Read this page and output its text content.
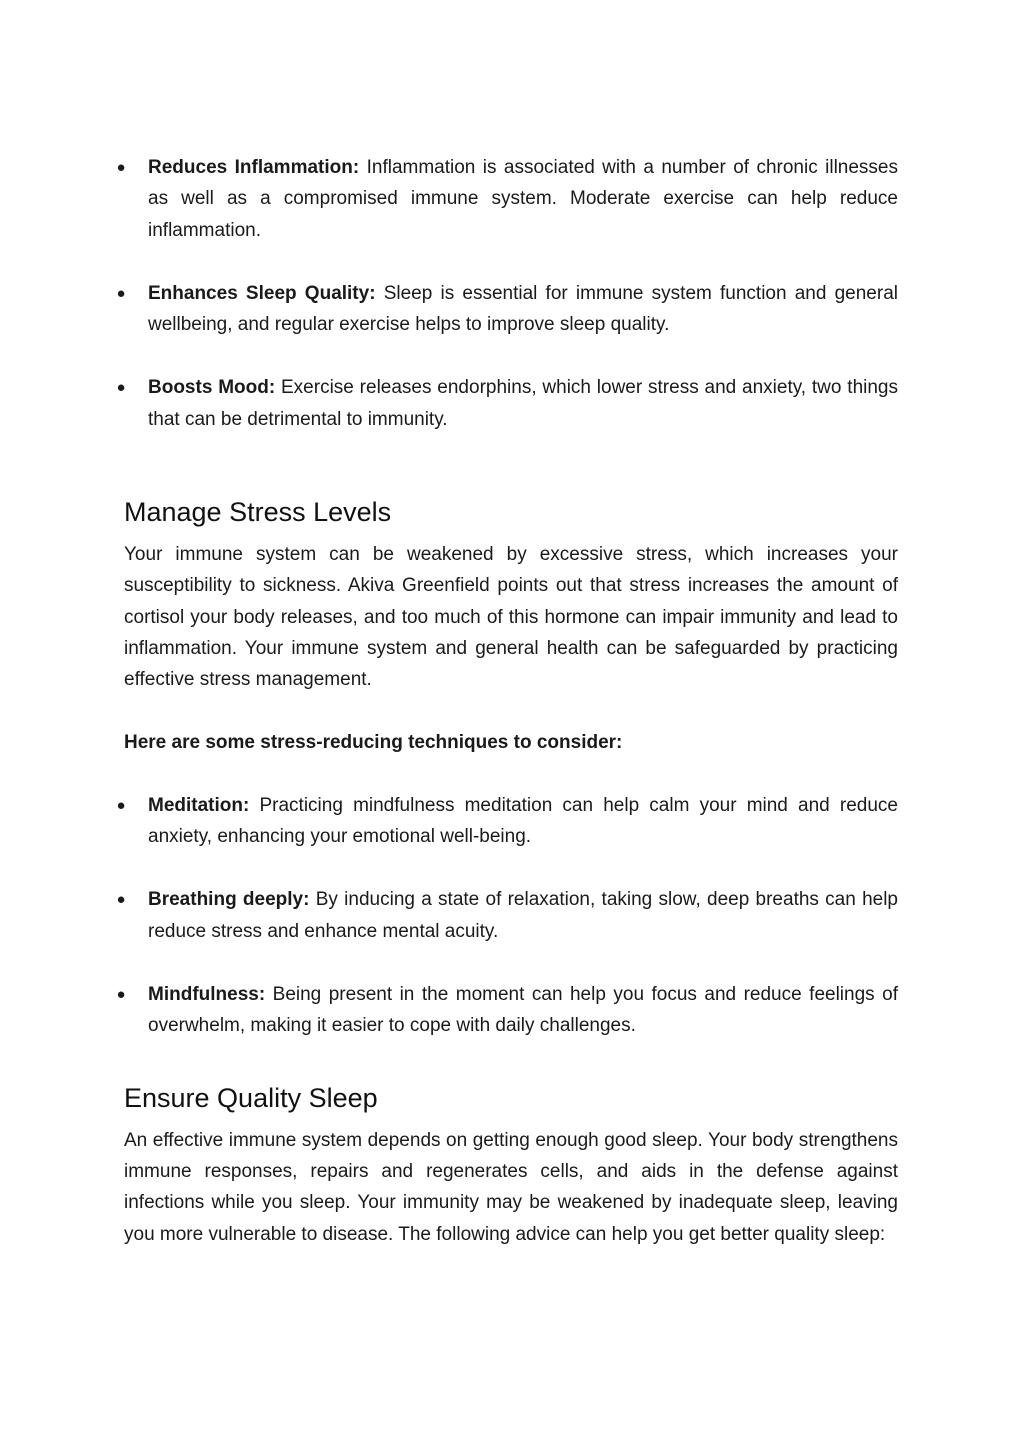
● Reduces Inflammation: Inflammation is associated with a number of chronic illnesses as well as a compromised immune system. Moderate exercise can help reduce inflammation.
● Enhances Sleep Quality: Sleep is essential for immune system function and general wellbeing, and regular exercise helps to improve sleep quality.
● Boosts Mood: Exercise releases endorphins, which lower stress and anxiety, two things that can be detrimental to immunity.
Manage Stress Levels

Your immune system can be weakened by excessive stress, which increases your susceptibility to sickness. Akiva Greenfield points out that stress increases the amount of cortisol your body releases, and too much of this hormone can impair immunity and lead to inflammation. Your immune system and general health can be safeguarded by practicing effective stress management.

Here are some stress-reducing techniques to consider:

● Meditation: Practicing mindfulness meditation can help calm your mind and reduce anxiety, enhancing your emotional well-being.
● Breathing deeply: By inducing a state of relaxation, taking slow, deep breaths can help reduce stress and enhance mental acuity.
● Mindfulness: Being present in the moment can help you focus and reduce feelings of overwhelm, making it easier to cope with daily challenges.
Ensure Quality Sleep

An effective immune system depends on getting enough good sleep. Your body strengthens immune responses, repairs and regenerates cells, and aids in the defense against infections while you sleep. Your immunity may be weakened by inadequate sleep, leaving you more vulnerable to disease. The following advice can help you get better quality sleep:
